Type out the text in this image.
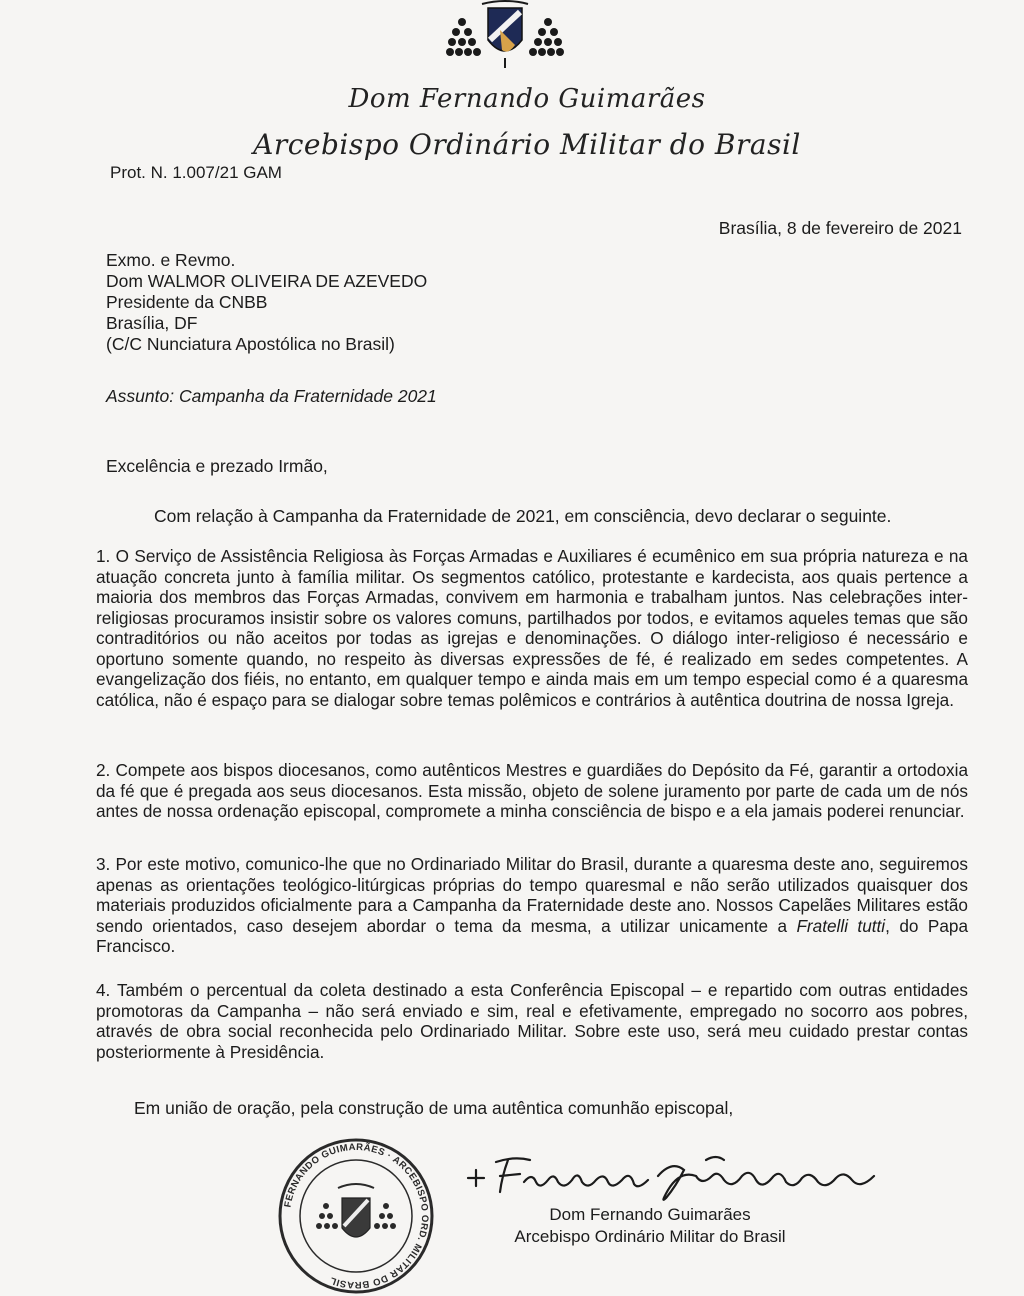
Dom Fernando Guimarães
Arcebispo Ordinário Militar do Brasil
Prot. N. 1.007/21 GAM
Brasília, 8 de fevereiro de 2021
Exmo. e Revmo.
Dom WALMOR OLIVEIRA DE AZEVEDO
Presidente da CNBB
Brasília, DF
(C/C Nunciatura Apostólica no Brasil)
Assunto: Campanha da Fraternidade 2021
Excelência e prezado Irmão,
Com relação à Campanha da Fraternidade de 2021, em consciência, devo declarar o seguinte.

1. O Serviço de Assistência Religiosa às Forças Armadas e Auxiliares é ecumênico em sua própria natureza e na atuação concreta junto à família militar. Os segmentos católico, protestante e kardecista, aos quais pertence a maioria dos membros das Forças Armadas, convivem em harmonia e trabalham juntos. Nas celebrações inter-religiosas procuramos insistir sobre os valores comuns, partilhados por todos, e evitamos aqueles temas que são contraditórios ou não aceitos por todas as igrejas e denominações. O diálogo inter-religioso é necessário e oportuno somente quando, no respeito às diversas expressões de fé, é realizado em sedes competentes. A evangelização dos fiéis, no entanto, em qualquer tempo e ainda mais em um tempo especial como é a quaresma católica, não é espaço para se dialogar sobre temas polêmicos e contrários à autêntica doutrina de nossa Igreja.

2. Compete aos bispos diocesanos, como autênticos Mestres e guardiães do Depósito da Fé, garantir a ortodoxia da fé que é pregada aos seus diocesanos. Esta missão, objeto de solene juramento por parte de cada um de nós antes de nossa ordenação episcopal, compromete a minha consciência de bispo e a ela jamais poderei renunciar.

3. Por este motivo, comunico-lhe que no Ordinariado Militar do Brasil, durante a quaresma deste ano, seguiremos apenas as orientações teológico-litúrgicas próprias do tempo quaresmal e não serão utilizados quaisquer dos materiais produzidos oficialmente para a Campanha da Fraternidade deste ano. Nossos Capelães Militares estão sendo orientados, caso desejem abordar o tema da mesma, a utilizar unicamente a Fratelli tutti, do Papa Francisco.

4. Também o percentual da coleta destinado a esta Conferência Episcopal – e repartido com outras entidades promotoras da Campanha – não será enviado e sim, real e efetivamente, empregado no socorro aos pobres, através de obra social reconhecida pelo Ordinariado Militar. Sobre este uso, será meu cuidado prestar contas posteriormente à Presidência.

Em união de oração, pela construção de uma autêntica comunhão episcopal,
FERNANDO GUIMARÃES · ARCEBISPO ORD. MILITAR DO BRASIL
Dom Fernando Guimarães
Arcebispo Ordinário Militar do Brasil
